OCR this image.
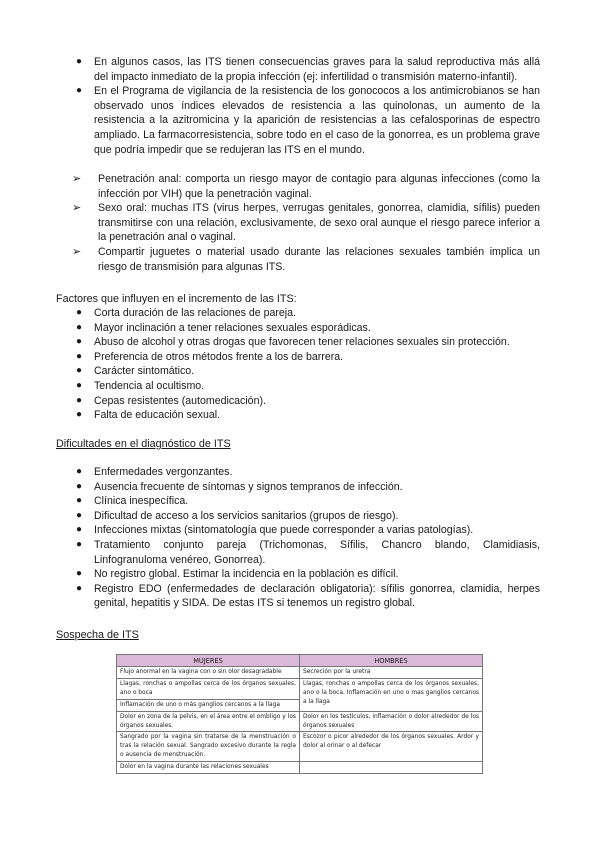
● En algunos casos, las ITS tienen consecuencias graves para la salud reproductiva más allá del impacto inmediato de la propia infección (ej: infertilidad o transmisión materno-infantil).
● En el Programa de vigilancia de la resistencia de los gonococos a los antimicrobianos se han observado unos índices elevados de resistencia a las quinolonas, un aumento de la resistencia a la azitromicina y la aparición de resistencias a las cefalosporinas de espectro ampliado. La farmacorresistencia, sobre todo en el caso de la gonorrea, es un problema grave que podría impedir que se redujeran las ITS en el mundo.
➢ Penetración anal: comporta un riesgo mayor de contagio para algunas infecciones (como la infección por VIH) que la penetración vaginal.
➢ Sexo oral: muchas ITS (virus herpes, verrugas genitales, gonorrea, clamidia, sífilis) pueden transmitirse con una relación, exclusivamente, de sexo oral aunque el riesgo parece inferior a la penetración anal o vaginal.
➢ Compartir juguetes o material usado durante las relaciones sexuales también implica un riesgo de transmisión para algunas ITS.
Factores que influyen en el incremento de las ITS:
● Corta duración de las relaciones de pareja.
● Mayor inclinación a tener relaciones sexuales esporádicas.
● Abuso de alcohol y otras drogas que favorecen tener relaciones sexuales sin protección.
● Preferencia de otros métodos frente a los de barrera.
● Carácter sintomático.
● Tendencia al ocultismo.
● Cepas resistentes (automedicación).
● Falta de educación sexual.
Dificultades en el diagnóstico de ITS
● Enfermedades vergonzantes.
● Ausencia frecuente de síntomas y signos tempranos de infección.
● Clínica inespecífica.
● Dificultad de acceso a los servicios sanitarios (grupos de riesgo).
● Infecciones mixtas (sintomatología que puede corresponder a varias patologías).
● Tratamiento conjunto pareja (Trichomonas, Sífilis, Chancro blando, Clamidiasis, Linfogranuloma venéreo, Gonorrea).
● No registro global. Estimar la incidencia en la población es difícil.
● Registro EDO (enfermedades de declaración obligatoria): sífilis gonorrea, clamidia, herpes genital, hepatitis y SIDA. De estas ITS si tenemos un registro global.
Sospecha de ITS
MUJERES	HOMBRES
Flujo anormal en la vagina con o sin olor desagradable	Secreción por la uretra
Llagas, ronchas o ampollas cerca de los órganos sexuales, ano o boca	Llagas, ronchas o ampollas cerca de los órganos sexuales, ano o la boca. Inflamación en uno o mas ganglios cercanos a la llaga
Inflamación de uno o más ganglios cercanos a la llaga	
Dolor en zona de la pelvis, en el área entre el ombligo y los órganos sexuales.	Dolor en los testículos, inflamación o dolor alrededor de los órganos sexuales
Sangrado por la vagina sin tratarse de la menstruación o tras la relación sexual. Sangrado excesivo durante la regla o ausencia de menstruación.	Escozor o picor alrededor de los órganos sexuales. Ardor y dolor al orinar o al defecar
Dolor en la vagina durante las relaciones sexuales	
